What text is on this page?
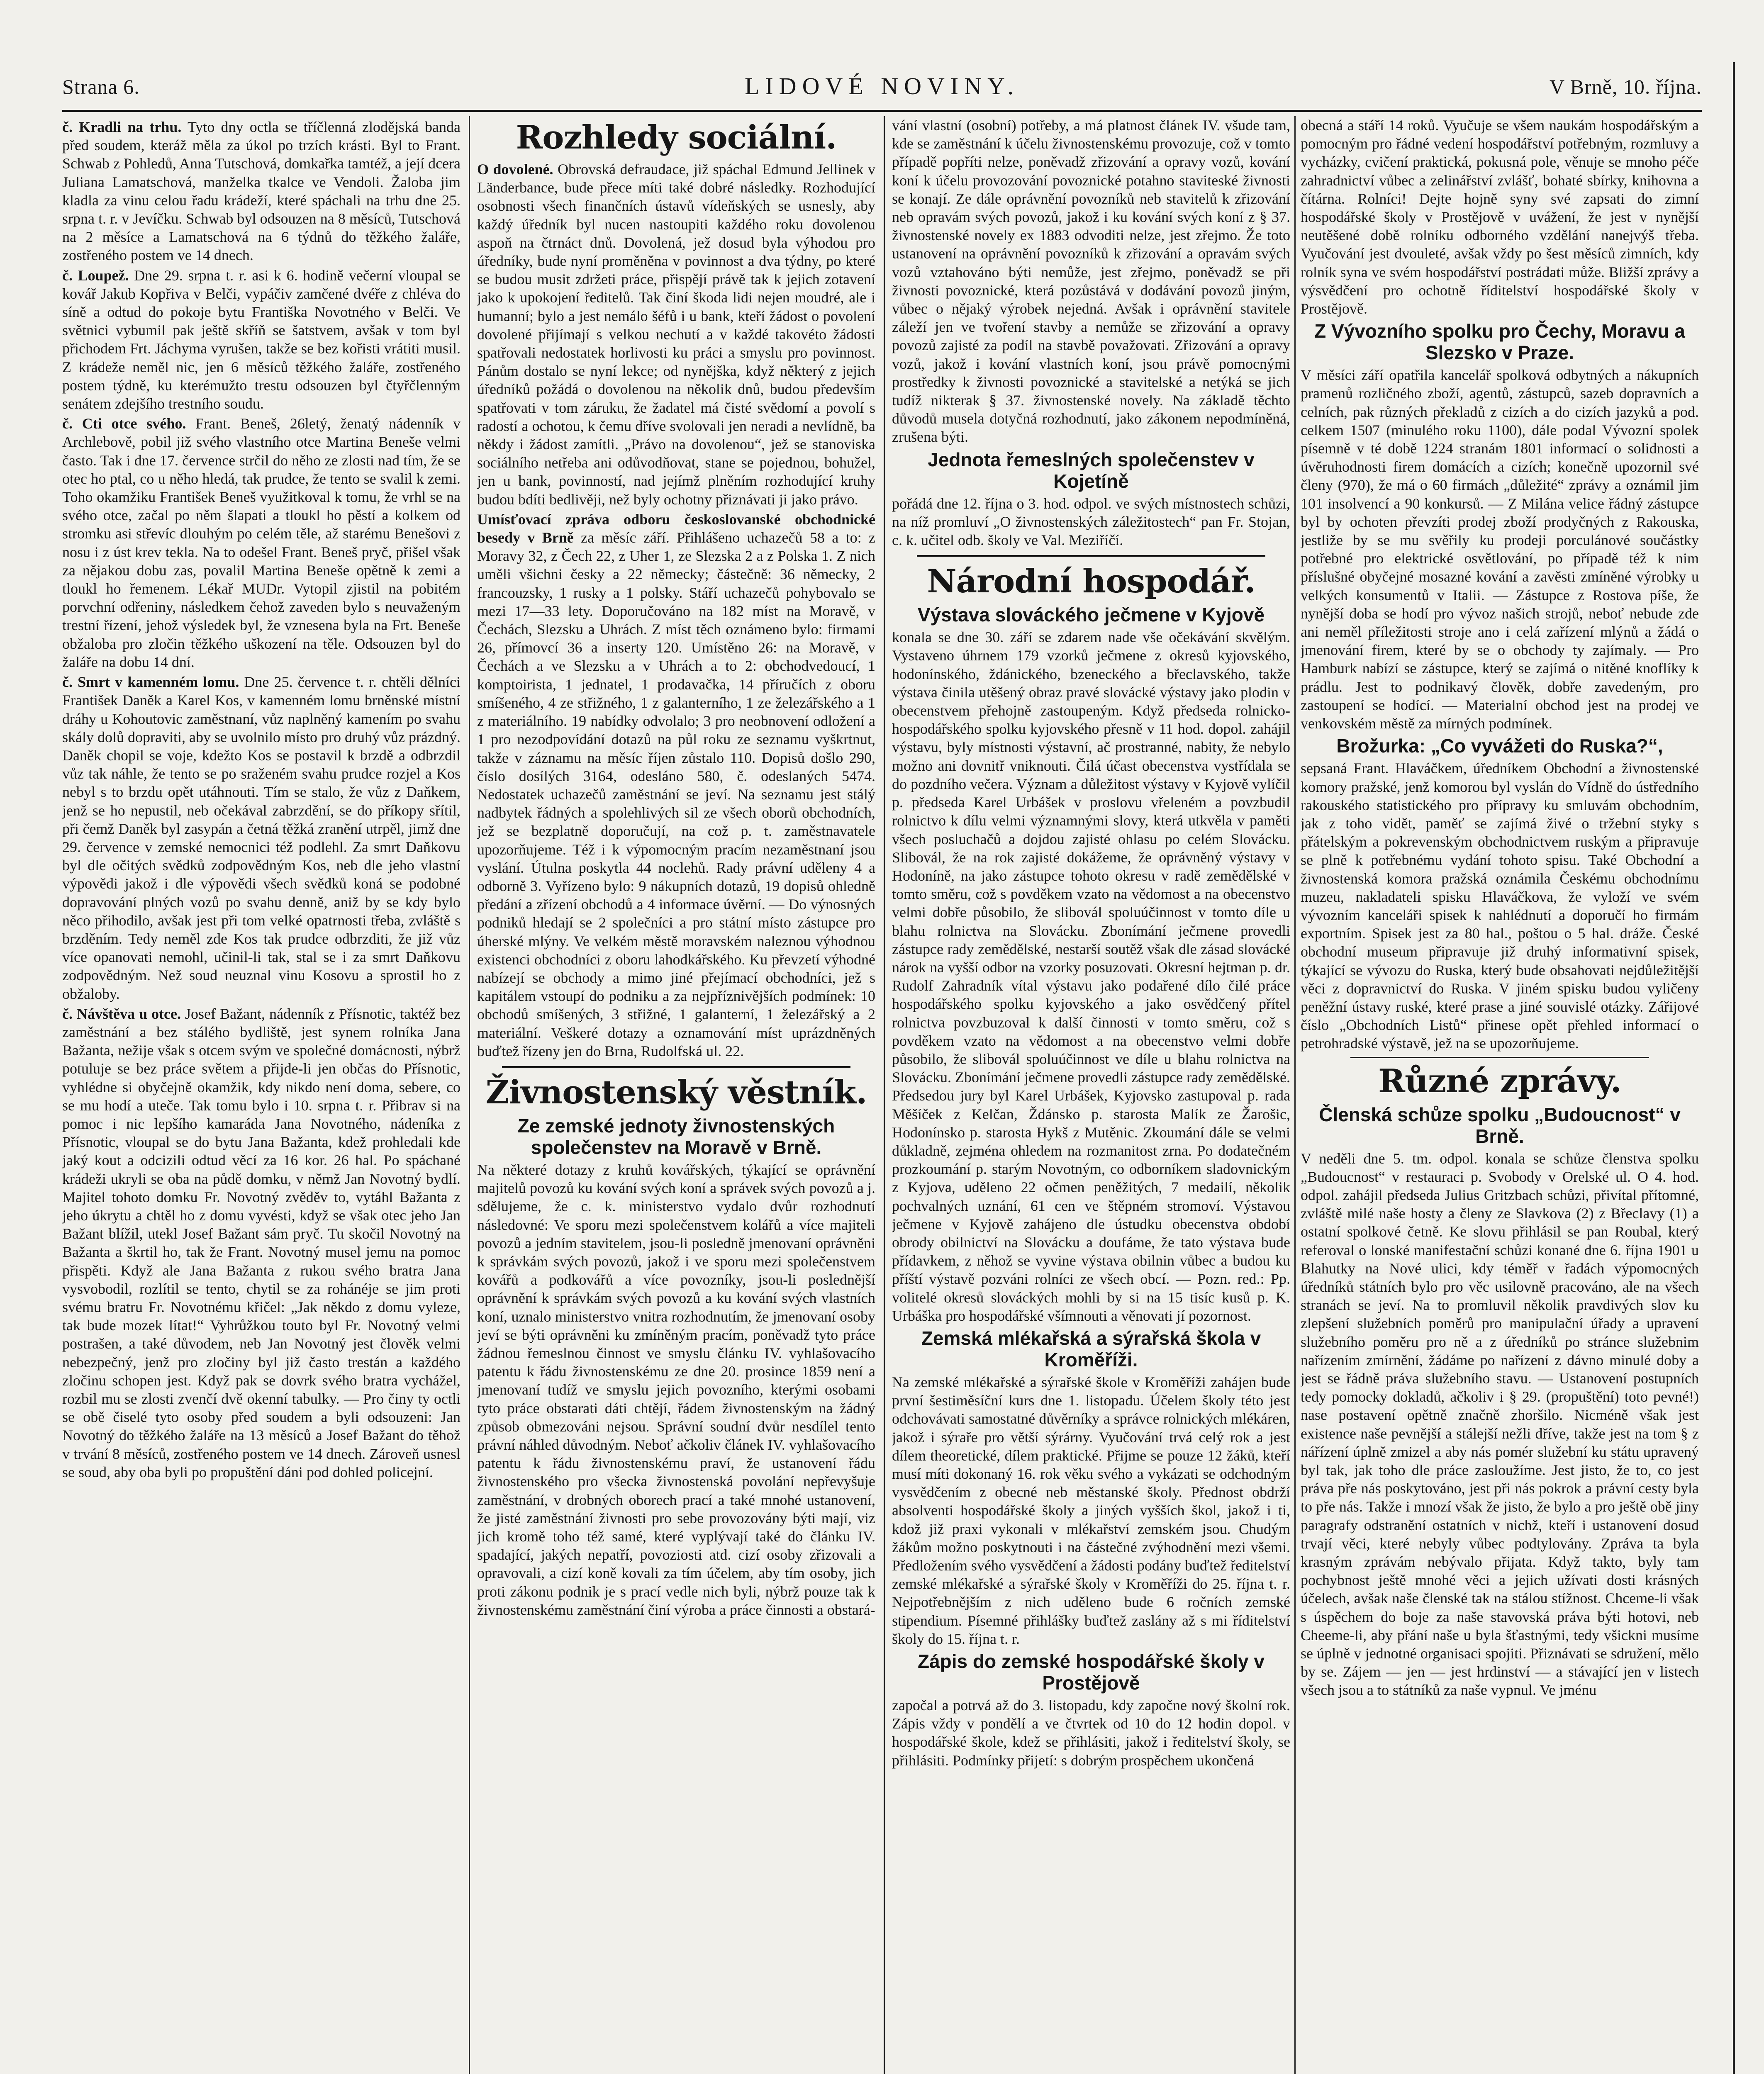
Strana 6.	LIDOVÉ NOVINY.	V Brně, 10. října.

č. Kradli na trhu. Tyto dny octla se tříčlenná zlodějská banda před soudem, kteráž měla za úkol po trzích krásti. Byl to Frant. Schwab z Pohledů, Anna Tutschová, domkařka tamtéž, a její dcera Juliana Lamatschová, manželka tkalce ve Vendoli. Žaloba jim kladla za vinu celou řadu krádeží, které spáchali na trhu dne 25. srpna t. r. v Jevíčku. Schwab byl odsouzen na 8 měsíců, Tutschová na 2 měsíce a Lamatschová na 6 týdnů do těžkého žaláře, zostřeného postem ve 14 dnech.

č. Loupež. Dne 29. srpna t. r. asi k 6. hodině večerní vloupal se kovář Jakub Kopřiva v Belči, vypáčiv zamčené dvéře z chléva do síně a odtud do pokoje bytu Františka Novotného v Belči. Ve světnici vybumil pak ještě skříň se šatstvem, avšak v tom byl přichodem Frt. Jáchyma vyrušen, takže se bez kořisti vrátiti musil. Z krádeže neměl nic, jen 6 měsíců těžkého žaláře, zostřeného postem týdně, ku kterémužto trestu odsouzen byl čtyřčlenným senátem zdejšího trestního soudu.

č. Cti otce svého. Frant. Beneš, 26letý, ženatý nádenník v Archlebově, pobil již svého vlastního otce Martina Beneše velmi často. Tak i dne 17. července strčil do něho ze zlosti nad tím, že se otec ho ptal, co u něho hledá, tak prudce, že tento se svalil k zemi. Toho okamžiku František Beneš využitkoval k tomu, že vrhl se na svého otce, začal po něm šlapati a tloukl ho pěstí a kolkem od stromku asi střevíc dlouhým po celém těle, až starému Benešovi z nosu i z úst krev tekla. Na to odešel Frant. Beneš pryč, přišel však za nějakou dobu zas, povalil Martina Beneše opětně k zemi a tloukl ho řemenem. Lékař MUDr. Vytopil zjistil na pobitém porvchní odřeniny, následkem čehož zaveden bylo s neuvaženým trestní řízení, jehož výsledek byl, že vznesena byla na Frt. Beneše obžaloba pro zločin těžkého uškození na těle. Odsouzen byl do žaláře na dobu 14 dní.

č. Smrt v kamenném lomu. Dne 25. července t. r. chtěli dělníci František Daněk a Karel Kos, v kamenném lomu brněnské místní dráhy u Kohoutovic zaměstnaní, vůz naplněný kamením po svahu skály dolů dopraviti, aby se uvolnilo místo pro druhý vůz prázdný. Daněk chopil se voje, kdežto Kos se postavil k brzdě a odbrzdil vůz tak náhle, že tento se po sraženém svahu prudce rozjel a Kos nebyl s to brzdu opět utáhnouti. Tím se stalo, že vůz z Daňkem, jenž se ho nepustil, neb očekával zabrzdění, se do příkopy sřítil, při čemž Daněk byl zasypán a četná těžká zranění utrpěl, jimž dne 29. července v zemské nemocnici též podlehl. Za smrt Daňkovu byl dle očitých svědků zodpovědným Kos, neb dle jeho vlastní výpovědi jakož i dle výpovědi všech svědků koná se podobné dopravování plných vozů po svahu denně, aniž by se kdy bylo něco přihodilo, avšak jest při tom velké opatrnosti třeba, zvláště s brzděním. Tedy neměl zde Kos tak prudce odbrzditi, že již vůz více opanovati nemohl, učinil-li tak, stal se i za smrt Daňkovu zodpovědným. Než soud neuznal vinu Kosovu a sprostil ho z obžaloby.

č. Návštěva u otce. Josef Bažant, nádenník z Přísnotic, taktéž bez zaměstnání a bez stálého bydliště, jest synem rolníka Jana Bažanta, nežije však s otcem svým ve společné domácnosti, nýbrž potuluje se bez práce světem a přijde-li jen občas do Přísnotic, vyhlédne si obyčejně okamžik, kdy nikdo není doma, sebere, co se mu hodí a uteče. Tak tomu bylo i 10. srpna t. r. Přibrav si na pomoc i nic lepšího kamaráda Jana Novotného, nádeníka z Přísnotic, vloupal se do bytu Jana Bažanta, kdež prohledali kde jaký kout a odcizili odtud věcí za 16 kor. 26 hal. Po spáchané krádeži ukryli se oba na půdě domku, v němž Jan Novotný bydlí. Majitel tohoto domku Fr. Novotný zvěděv to, vytáhl Bažanta z jeho úkrytu a chtěl ho z domu vyvésti, když se však otec jeho Jan Bažant blížil, utekl Josef Bažant sám pryč. Tu skočil Novotný na Bažanta a škrtil ho, tak že Frant. Novotný musel jemu na pomoc přispěti. Když ale Jana Bažanta z rukou svého bratra Jana vysvobodil, rozlítil se tento, chytil se za rohánéje se jim proti svému bratru Fr. Novotnému křičel: „Jak někdo z domu vyleze, tak bude mozek lítat!“ Vyhrůžkou touto byl Fr. Novotný velmi postrašen, a také důvodem, neb Jan Novotný jest člověk velmi nebezpečný, jenž pro zločiny byl již často trestán a každého zločinu schopen jest. Když pak se dovrk svého bratra vychážel, rozbil mu se zlosti zvenčí dvě okenní tabulky. — Pro činy ty octli se obě čiselé tyto osoby před soudem a byli odsouzeni: Jan Novotný do těžkého žaláře na 13 měsíců a Josef Bažant do těhož v trvání 8 měsíců, zostřeného postem ve 14 dnech. Zároveň usnesl se soud, aby oba byli po propuštění dáni pod dohled policejní.

Rozhledy sociální.

O dovolené. Obrovská defraudace, již spáchal Edmund Jellinek v Länderbance, bude přece míti také dobré následky. Rozhodující osobnosti všech finančních ústavů vídeňských se usnesly, aby každý úředník byl nucen nastoupiti každého roku dovolenou aspoň na čtrnáct dnů. Dovolená, jež dosud byla výhodou pro úředníky, bude nyní proměněna v povinnost a dva týdny, po které se budou musit zdržeti práce, přispějí právě tak k jejich zotavení jako k upokojení ředitelů. Tak činí škoda lidi nejen moudré, ale i humanní; bylo a jest nemálo šéfů i u bank, kteří žádost o povolení dovolené přijímají s velkou nechutí a v každé takovéto žádosti spatřovali nedostatek horlivosti ku práci a smyslu pro povinnost. Pánům dostalo se nyní lekce; od nynějška, když některý z jejich úředníků požádá o dovolenou na několik dnů, budou především spatřovati v tom záruku, že žadatel má čisté svědomí a povolí s radostí a ochotou, k čemu dříve svolovali jen neradi a nevlídně, ba někdy i žádost zamítli. „Právo na dovolenou“, jež se stanoviska sociálního netřeba ani odůvodňovat, stane se pojednou, bohužel, jen u bank, povinností, nad jejímž plněním rozhodující kruhy budou bdíti bedlivěji, než byly ochotny přiznávati ji jako právo.

Umísťovací zpráva odboru českoslovanské obchodnické besedy v Brně za měsíc září. Přihlášeno uchazečů 58 a to: z Moravy 32, z Čech 22, z Uher 1, ze Slezska 2 a z Polska 1. Z nich uměli všichni česky a 22 německy; částečně: 36 německy, 2 francouzsky, 1 rusky a 1 polsky. Stáří uchazečů pohybovalo se mezi 17—33 lety. Doporučováno na 182 míst na Moravě, v Čechách, Slezsku a Uhrách. Z míst těch oznámeno bylo: firmami 26, přímovcí 36 a inserty 120. Umístěno 26: na Moravě, v Čechách a ve Slezsku a v Uhrách a to 2: obchodvedoucí, 1 komptoirista, 1 jednatel, 1 prodavačka, 14 příručích z oboru smíšeného, 4 ze střižného, 1 z galanterního, 1 ze železářského a 1 z materiálního. 19 nabídky odvolalo; 3 pro neobnovení odložení a 1 pro nezodpovídání dotazů na půl roku ze seznamu vyškrtnut, takže v záznamu na měsíc říjen zůstalo 110. Dopisů došlo 290, číslo dosílých 3164, odesláno 580, č. odeslaných 5474. Nedostatek uchazečů zaměstnání se jeví. Na seznamu jest stálý nadbytek řádných a spolehlivých sil ze všech oborů obchodních, jež se bezplatně doporučují, na což p. t. zaměstnavatele upozorňujeme. Též i k výpomocným pracím nezaměstnaní jsou vyslání. Útulna poskytla 44 noclehů. Rady právní uděleny 4 a odborně 3. Vyřízeno bylo: 9 nákupních dotazů, 19 dopisů ohledně předání a zřízení obchodů a 4 informace úvěrní. — Do výnosných podniků hledají se 2 společníci a pro státní místo zástupce pro úherské mlýny. Ve velkém městě moravském naleznou výhodnou existenci obchodníci z oboru lahodkářského. Ku převzetí výhodné nabízejí se obchody a mimo jiné přejímací obchodníci, jež s kapitálem vstoupí do podniku a za nejpříznivějších podmínek: 10 obchodů smíšených, 3 střižné, 1 galanterní, 1 železářský a 2 materiální. Veškeré dotazy a oznamování míst uprázdněných buďtež řízeny jen do Brna, Rudolfská ul. 22.

Živnostenský věstník.
Ze zemské jednoty živnostenských společenstev na Moravě v Brně.

Na některé dotazy z kruhů kovářských, týkající se oprávnění majitelů povozů ku kování svých koní a správek svých povozů a j. sdělujeme, že c. k. ministerstvo vydalo dvůr rozhodnutí následovné: Ve sporu mezi společenstvem kolářů a více majiteli povozů a jedním stavitelem, jsou-li posledně jmenovaní oprávněni k správkám svých povozů, jakož i ve sporu mezi společenstvem kovářů a podkovářů a více povozníky, jsou-li poslednější oprávnění k správkám svých povozů a ku kování svých vlastních koní, uznalo ministerstvo vnitra rozhodnutím, že jmenovaní osoby jeví se býti oprávněni ku zmíněným pracím, poněvadž tyto práce žádnou řemeslnou činnost ve smyslu článku IV. vyhlašovacího patentu k řádu živnostenskému ze dne 20. prosince 1859 není a jmenovaní tudíž ve smyslu jejich povozního, kterými osobami tyto práce obstarati dáti chtějí, řádem živnostenským na žádný způsob obmezováni nejsou. Správní soudní dvůr nesdílel tento právní náhled důvodným. Neboť ačkoliv článek IV. vyhlašovacího patentu k řádu živnostenskému praví, že ustanovení řádu živnostenského pro všecka živnostenská povolání nepřevyšuje zaměstnání, v drobných oborech prací a také mnohé ustanovení, že jisté zaměstnání živnosti pro sebe provozovány býti mají, viz jich kromě toho též samé, které vyplývají také do článku IV. spadající, jakých nepatří, povoziosti atd. cizí osoby zřizovali a opravovali, a cizí koně kovali za tím účelem, aby tím osoby, jich proti zákonu podnik je s prací vedle nich byli, nýbrž pouze tak k živnostenskému zaměstnání činí výroba a práce činnosti a obstará-

vání vlastní (osobní) potřeby, a má platnost článek IV. všude tam, kde se zaměstnání k účelu živnostenskému provozuje, což v tomto případě popříti nelze, poněvadž zřizování a opravy vozů, kování koní k účelu provozování povoznické potahno staviteské živnosti se konají. Ze dále oprávnění povozníků neb stavitelů k zřizování neb opravám svých povozů, jakož i ku kování svých koní z § 37. živnostenské novely ex 1883 odvoditi nelze, jest zřejmo. Že toto ustanovení na oprávnění povozníků k zřizování a opravám svých vozů vztahováno býti nemůže, jest zřejmo, poněvadž se při živnosti povoznické, která pozůstává v dodávání povozů jiným, vůbec o nějaký výrobek nejedná. Avšak i oprávnění stavitele záleží jen ve tvoření stavby a nemůže se zřizování a opravy povozů zajisté za podíl na stavbě považovati. Zřizování a opravy vozů, jakož i kování vlastních koní, jsou právě pomocnými prostředky k živnosti povoznické a stavitelské a netýká se jich tudíž nikterak § 37. živnostenské novely. Na základě těchto důvodů musela dotyčná rozhodnutí, jako zákonem nepodmíněná, zrušena býti.

Jednota řemeslných společenstev v Kojetíně

pořádá dne 12. října o 3. hod. odpol. ve svých místnostech schůzi, na níž promluví „O živnostenských záležitostech“ pan Fr. Stojan, c. k. učitel odb. školy ve Val. Meziříčí.

Národní hospodář.
Výstava slováckého ječmene v Kyjově

konala se dne 30. září se zdarem nade vše očekávání skvělým. Vystaveno úhrnem 179 vzorků ječmene z okresů kyjovského, hodonínského, ždánického, bzeneckého a břeclavského, takže výstava činila utěšený obraz pravé slovácké výstavy jako plodin v obecenstvem přehojně zastoupeným. Když předseda rolnicko-hospodářského spolku kyjovského přesně v 11 hod. dopol. zahájil výstavu, byly místnosti výstavní, ač prostranné, nabity, že nebylo možno ani dovnitř vniknouti. Čilá účast obecenstva vystřídala se do pozdního večera. Význam a důležitost výstavy v Kyjově vylíčil p. předseda Karel Urbášek v proslovu vřeleném a povzbudil rolnictvo k dílu velmi významnými slovy, která utkvěla v paměti všech posluchačů a dojdou zajisté ohlasu po celém Slovácku. Slibovál, že na rok zajisté dokážeme, že oprávněný výstavy v Hodoníně, na jako zástupce tohoto okresu v radě zemědělské v tomto směru, což s povděkem vzato na vědomost a na obecenstvo velmi dobře působilo, že slibovál spoluúčinnost v tomto díle u blahu rolnictva na Slovácku. Zbonímání ječmene provedli zástupce rady zemědělské, nestarší soutěž však dle zásad slovácké nárok na vyšší odbor na vzorky posuzovati. Okresní hejtman p. dr. Rudolf Zahradník vítal výstavu jako podařené dílo čilé práce hospodářského spolku kyjovského a jako osvědčený přítel rolnictva povzbuzoval k další činnosti v tomto směru, což s povděkem vzato na vědomost a na obecenstvo velmi dobře působilo, že slibovál spoluúčinnost ve díle u blahu rolnictva na Slovácku. Zbonímání ječmene provedli zástupce rady zemědělské. Předsedou jury byl Karel Urbášek, Kyjovsko zastupoval p. rada Měšíček z Kelčan, Ždánsko p. starosta Malík ze Žarošic, Hodonínsko p. starosta Hykš z Mutěnic. Zkoumání dále se velmi důkladně, zejména ohledem na rozmanitost zrna. Po dodatečném prozkoumání p. starým Novotným, co odborníkem sladovnickým z Kyjova, uděleno 22 očmen peněžitých, 7 medailí, několik pochvalných uznání, 61 cen ve štěpném stromoví. Výstavou ječmene v Kyjově zahájeno dle ústudku obecenstva období obrody obilnictví na Slovácku a doufáme, že tato výstava bude přídavkem, z něhož se vyvine výstava obilnin vůbec a budou ku příští výstavě pozváni rolníci ze všech obcí. — Pozn. red.: Pp. volitelé okresů slováckých mohli by si na 15 tisíc kusů p. K. Urbáška pro hospodářské všímnouti a věnovati jí pozornost.

Zemská mlékařská a sýrařská škola v Kroměříži.

Na zemské mlékařské a sýrařské škole v Kroměříži zahájen bude první šestiměsíční kurs dne 1. listopadu. Účelem školy této jest odchovávati samostatné důvěrníky a správce rolnických mlékáren, jakož i sýraře pro větší sýrárny. Vyučování trvá celý rok a jest dílem theoretické, dílem praktické. Přijme se pouze 12 žáků, kteří musí míti dokonaný 16. rok věku svého a vykázati se odchodným vysvědčením z obecné neb městanské školy. Přednost obdrží absolventi hospodářské školy a jiných vyšších škol, jakož i ti, kdož již praxi vykonali v mlékařství zemském jsou. Chudým žákům možno poskytnouti i na částečné zvýhodnění mezi všemi. Předložením svého vysvědčení a žádosti podány buďtež ředitelství zemské mlékařské a sýrařské školy v Kroměříži do 25. října t. r. Nejpotřebnějším z nich uděleno bude 6 ročních zemské stipendium. Písemné přihlášky buďtež zaslány až s mi říditelství školy do 15. října t. r.

Zápis do zemské hospodářské školy v Prostějově

započal a potrvá až do 3. listopadu, kdy započne nový školní rok. Zápis vždy v pondělí a ve čtvrtek od 10 do 12 hodin dopol. v hospodářské škole, kdež se přihlásiti, jakož i ředitelství školy, se přihlásiti. Podmínky přijetí: s dobrým prospěchem ukončená

obecná a stáří 14 roků. Vyučuje se všem naukám hospodářským a pomocným pro řádné vedení hospodářství potřebným, rozmluvy a vycházky, cvičení praktická, pokusná pole, věnuje se mnoho péče zahradnictví vůbec a zelinářství zvlášť, bohaté sbírky, knihovna a čítárna. Rolníci! Dejte hojně syny své zapsati do zimní hospodářské školy v Prostějově v uvážení, že jest v nynější neutěšené době rolníku odborného vzdělání nanejvýš třeba. Vyučování jest dvouleté, avšak vždy po šest měsíců zimních, kdy rolník syna ve svém hospodářství postrádati může. Bližší zprávy a výsvědčení pro ochotně říditelství hospodářské školy v Prostějově.

Z Vývozního spolku pro Čechy, Moravu a Slezsko v Praze.

V měsíci září opatřila kancelář spolková odbytných a nákupních pramenů rozličného zboží, agentů, zástupců, sazeb dopravních a celních, pak různých překladů z cizích a do cizích jazyků a pod. celkem 1507 (minulého roku 1100), dále podal Vývozní spolek písemně v té době 1224 stranám 1801 informací o solidnosti a úvěruhodnosti firem domácích a cizích; konečně upozornil své členy (970), že má o 60 firmách „důležité“ zprávy a oznámil jim 101 insolvencí a 90 konkursů. — Z Milána velice řádný zástupce byl by ochoten převzíti prodej zboží prodyčných z Rakouska, jestliže by se mu svěřily ku prodeji porculánové součástky potřebné pro elektrické osvětlování, po případě též k nim příslušné obyčejné mosazné kování a zavěsti zmíněné výrobky u velkých konsumentů v Italii. — Zástupce z Rostova píše, že nynější doba se hodí pro vývoz našich strojů, neboť nebude zde ani neměl příležitosti stroje ano i celá zařízení mlýnů a žádá o jmenování firem, které by se o obchody ty zajímaly. — Pro Hamburk nabízí se zástupce, který se zajímá o nitěné knoflíky k prádlu. Jest to podnikavý člověk, dobře zavedeným, pro zastoupení se hodící. — Materialní obchod jest na prodej ve venkovském městě za mírných podmínek.

Brožurka: „Co vyvážeti do Ruska?“,

sepsaná Frant. Hlaváčkem, úředníkem Obchodní a živnostenské komory pražské, jenž komorou byl vyslán do Vídně do ústředního rakouského statistického pro přípravy ku smluvám obchodním, jak z toho vidět, paměť se zajímá živé o tržební styky s přátelským a pokrevenským obchodnictvem ruským a připravuje se plně k potřebnému vydání tohoto spisu. Také Obchodní a živnostenská komora pražská oznámila Českému obchodnímu muzeu, nakladateli spisku Hlaváčkova, že vyloží ve svém vývozním kanceláři spisek k nahlédnutí a doporučí ho firmám exportním. Spisek jest za 80 hal., poštou o 5 hal. dráže. České obchodní museum připravuje již druhý informativní spisek, týkající se vývozu do Ruska, který bude obsahovati nejdůležitější věci z dopravnictví do Ruska. V jiném spisku budou vyličeny peněžní ústavy ruské, které prase a jiné souvislé otázky. Zářijové číslo „Obchodních Listů“ přinese opět přehled informací o petrohradské výstavě, jež na se upozorňujeme.

Různé zprávy.
Členská schůze spolku „Budoucnost“ v Brně.

V neděli dne 5. tm. odpol. konala se schůze členstva spolku „Budoucnost“ v restauraci p. Svobody v Orelské ul. O 4. hod. odpol. zahájil předseda Julius Gritzbach schůzi, přivítal přítomné, zvláště milé naše hosty a členy ze Slavkova (2) z Břeclavy (1) a ostatní spolkové četně. Ke slovu přihlásil se pan Roubal, který referoval o lonské manifestační schůzi konané dne 6. října 1901 u Blahutky na Nové ulici, kdy téměř v řadách výpomocných úředníků státních bylo pro věc usilovně pracováno, ale na všech stranách se jeví. Na to promluvil několik pravdivých slov ku zlepšení služebních poměrů pro manipulační úřady a upravení služebního poměru pro ně a z úředníků po stránce služebnim nařízením zmírnění, žádáme po nařízení z dávno minulé doby a jest se řádně práva služebního stavu. — Ustanovení postupních tedy pomocky dokladů, ačkoliv i § 29. (propuštění) toto pevné!) nase postavení opětně značně zhoršilo. Nicméně však jest existence naše pevnější a stálejší nežli dříve, takže jest na tom § z nářízení úplně zmizel a aby nás pomér služební ku státu upravený byl tak, jak toho dle práce zasloužíme. Jest jisto, že to, co jest práva pře nás poskytováno, jest při nás pokrok a právní cesty byla to pře nás. Takže i mnozí však že jisto, že bylo a pro ještě obě jiny paragrafy odstranění ostatních v nichž, kteří i ustanovení dosud trvají věci, které nebyly vůbec podtylovány. Zpráva ta byla krasným zprávám nebývalo přijata. Když takto, byly tam pochybnost ještě mnohé věci a jejich užívati dosti krásných účelech, avšak naše členské tak na stálou stížnost. Chceme-li však s úspěchem do boje za naše stavovská práva býti hotovi, neb Cheeme-li, aby přání naše u byla šťastnými, tedy všickni musíme se úplně v jednotné organisaci spojiti. Přiznávati se sdružení, mělo by se. Zájem — jen — jest hrdinství — a stávající jen v listech všech jsou a to státníků za naše vypnul. Ve jménu
